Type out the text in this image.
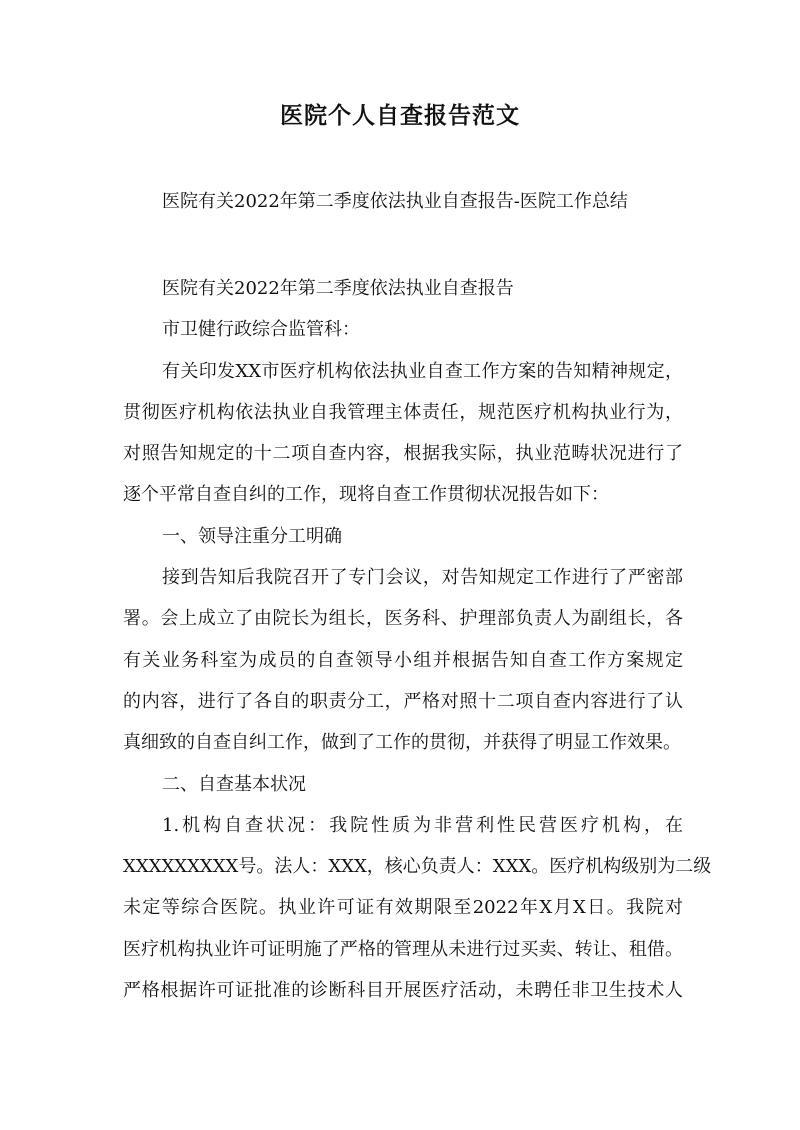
医院个人自查报告范文
医院有关2022年第二季度依法执业自查报告-医院工作总结
医院有关2022年第二季度依法执业自查报告
市卫健行政综合监管科：
有关印发XX市医疗机构依法执业自查工作方案的告知精神规定，
贯彻医疗机构依法执业自我管理主体责任，规范医疗机构执业行为，
对照告知规定的十二项自查内容，根据我实际，执业范畴状况进行了
逐个平常自查自纠的工作，现将自查工作贯彻状况报告如下：
一、领导注重分工明确
接到告知后我院召开了专门会议，对告知规定工作进行了严密部
署。会上成立了由院长为组长，医务科、护理部负责人为副组长，各
有关业务科室为成员的自查领导小组并根据告知自查工作方案规定
的内容，进行了各自的职责分工，严格对照十二项自查内容进行了认
真细致的自查自纠工作，做到了工作的贯彻，并获得了明显工作效果。
二、自查基本状况
1.机构自查状况：我院性质为非营利性民营医疗机构，在
XXXXXXXXX号。法人：XXX，核心负责人：XXX。医疗机构级别为二级
未定等综合医院。执业许可证有效期限至2022年X月X日。我院对
医疗机构执业许可证明施了严格的管理从未进行过买卖、转让、租借。
严格根据许可证批准的诊断科目开展医疗活动，未聘任非卫生技术人
